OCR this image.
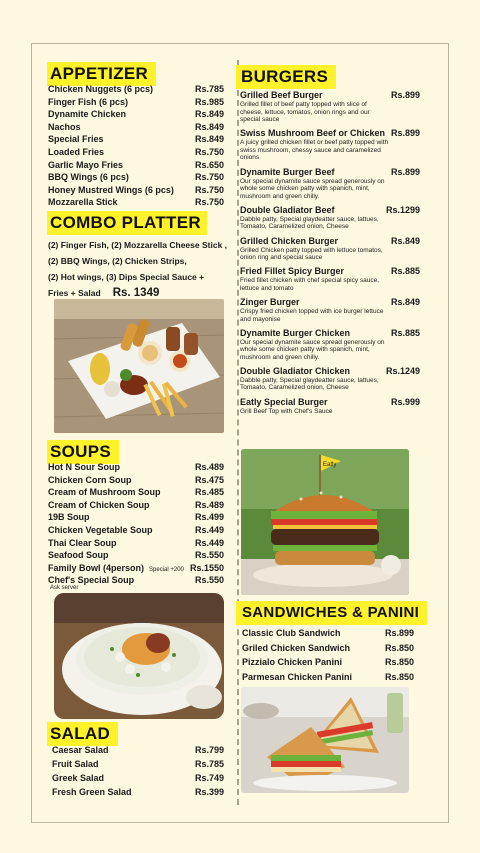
APPETIZER
Chicken Nuggets (6 pcs)	Rs.785
Finger Fish (6 pcs)	Rs.985
Dynamite Chicken	Rs.849
Nachos	Rs.849
Special Fries	Rs.849
Loaded Fries	Rs.750
Garlic Mayo Fries	Rs.650
BBQ Wings (6 pcs)	Rs.750
Honey Mustred Wings (6 pcs) Rs.750
Mozzarella Stick	Rs.750
COMBO PLATTER
(2) Finger Fish, (2) Mozzarella Cheese Stick ,
(2) BBQ Wings, (2) Chicken Strips,
(2) Hot wings, (3) Dips Special Sauce +
Fries + Salad Rs. 1349
SOUPS
Hot N Sour Soup	Rs.489
Chicken Corn Soup	Rs.475
Cream of Mushroom Soup	Rs.485
Cream of Chicken Soup	Rs.489
19B Soup	Rs.499
Chicken Vegetable Soup	Rs.449
Thai Clear Soup	Rs.449
Seafood Soup	Rs.550
Family Bowl (4person) Special +200 Rs.1550
Chef's Special Soup	Rs.550
Ask server
SALAD
Caesar Salad	Rs.799
Fruit Salad	Rs.785
Greek Salad	Rs.749
Fresh Green Salad	Rs.399
BURGERS
Grilled Beef Burger	Rs.899
Grilled fillet of beef patty topped with slice of cheese, lettuce, tomatos, onion rings and our special sauce
Swiss Mushroom Beef or Chicken Rs.899
A juicy grilled chicken fillet or beef patty topped with swiss mushroom, chessy sauce and caramelized onions
Dynamite Burger Beef	Rs.899
Our special dynamite sauce spread generously on whole some chicken patty with spanich, mint, mushroom and green chilly.
Double Gladiator Beef	Rs.1299
Dabble patty, Special glaydeatter sauce, lattues, Tomaato, Caramelized onion, Cheese
Grilled Chicken Burger	Rs.849
Grilled Chicken patty topped with lettuce tomatos, onion ring and special sauce
Fried Fillet Spicy Burger	Rs.885
Fried fillet chicken with chef special spicy sauce, lettuce and tomato
Zinger Burger	Rs.849
Crispy fried chicken topped with ice burger lettuce and mayonise
Dynamite Burger Chicken	Rs.885
Our special dynamite sauce spread generously on whole some chicken patty with spanich, mint, mushroom and green chilly.
Double Gladiator Chicken	Rs.1249
Dabble patty, Special glaydeatter sauce, lattues, Tomaato, Caramelized onion, Cheese
Eatly Special Burger	Rs.999
Grill Beef Top with Chef's Sauce
Eatly
SANDWICHES & PANINI
Classic Club Sandwich	Rs.899
Griled Chicken Sandwich	Rs.850
Pizzialo Chicken Panini	Rs.850
Parmesan Chicken Panini	Rs.850
